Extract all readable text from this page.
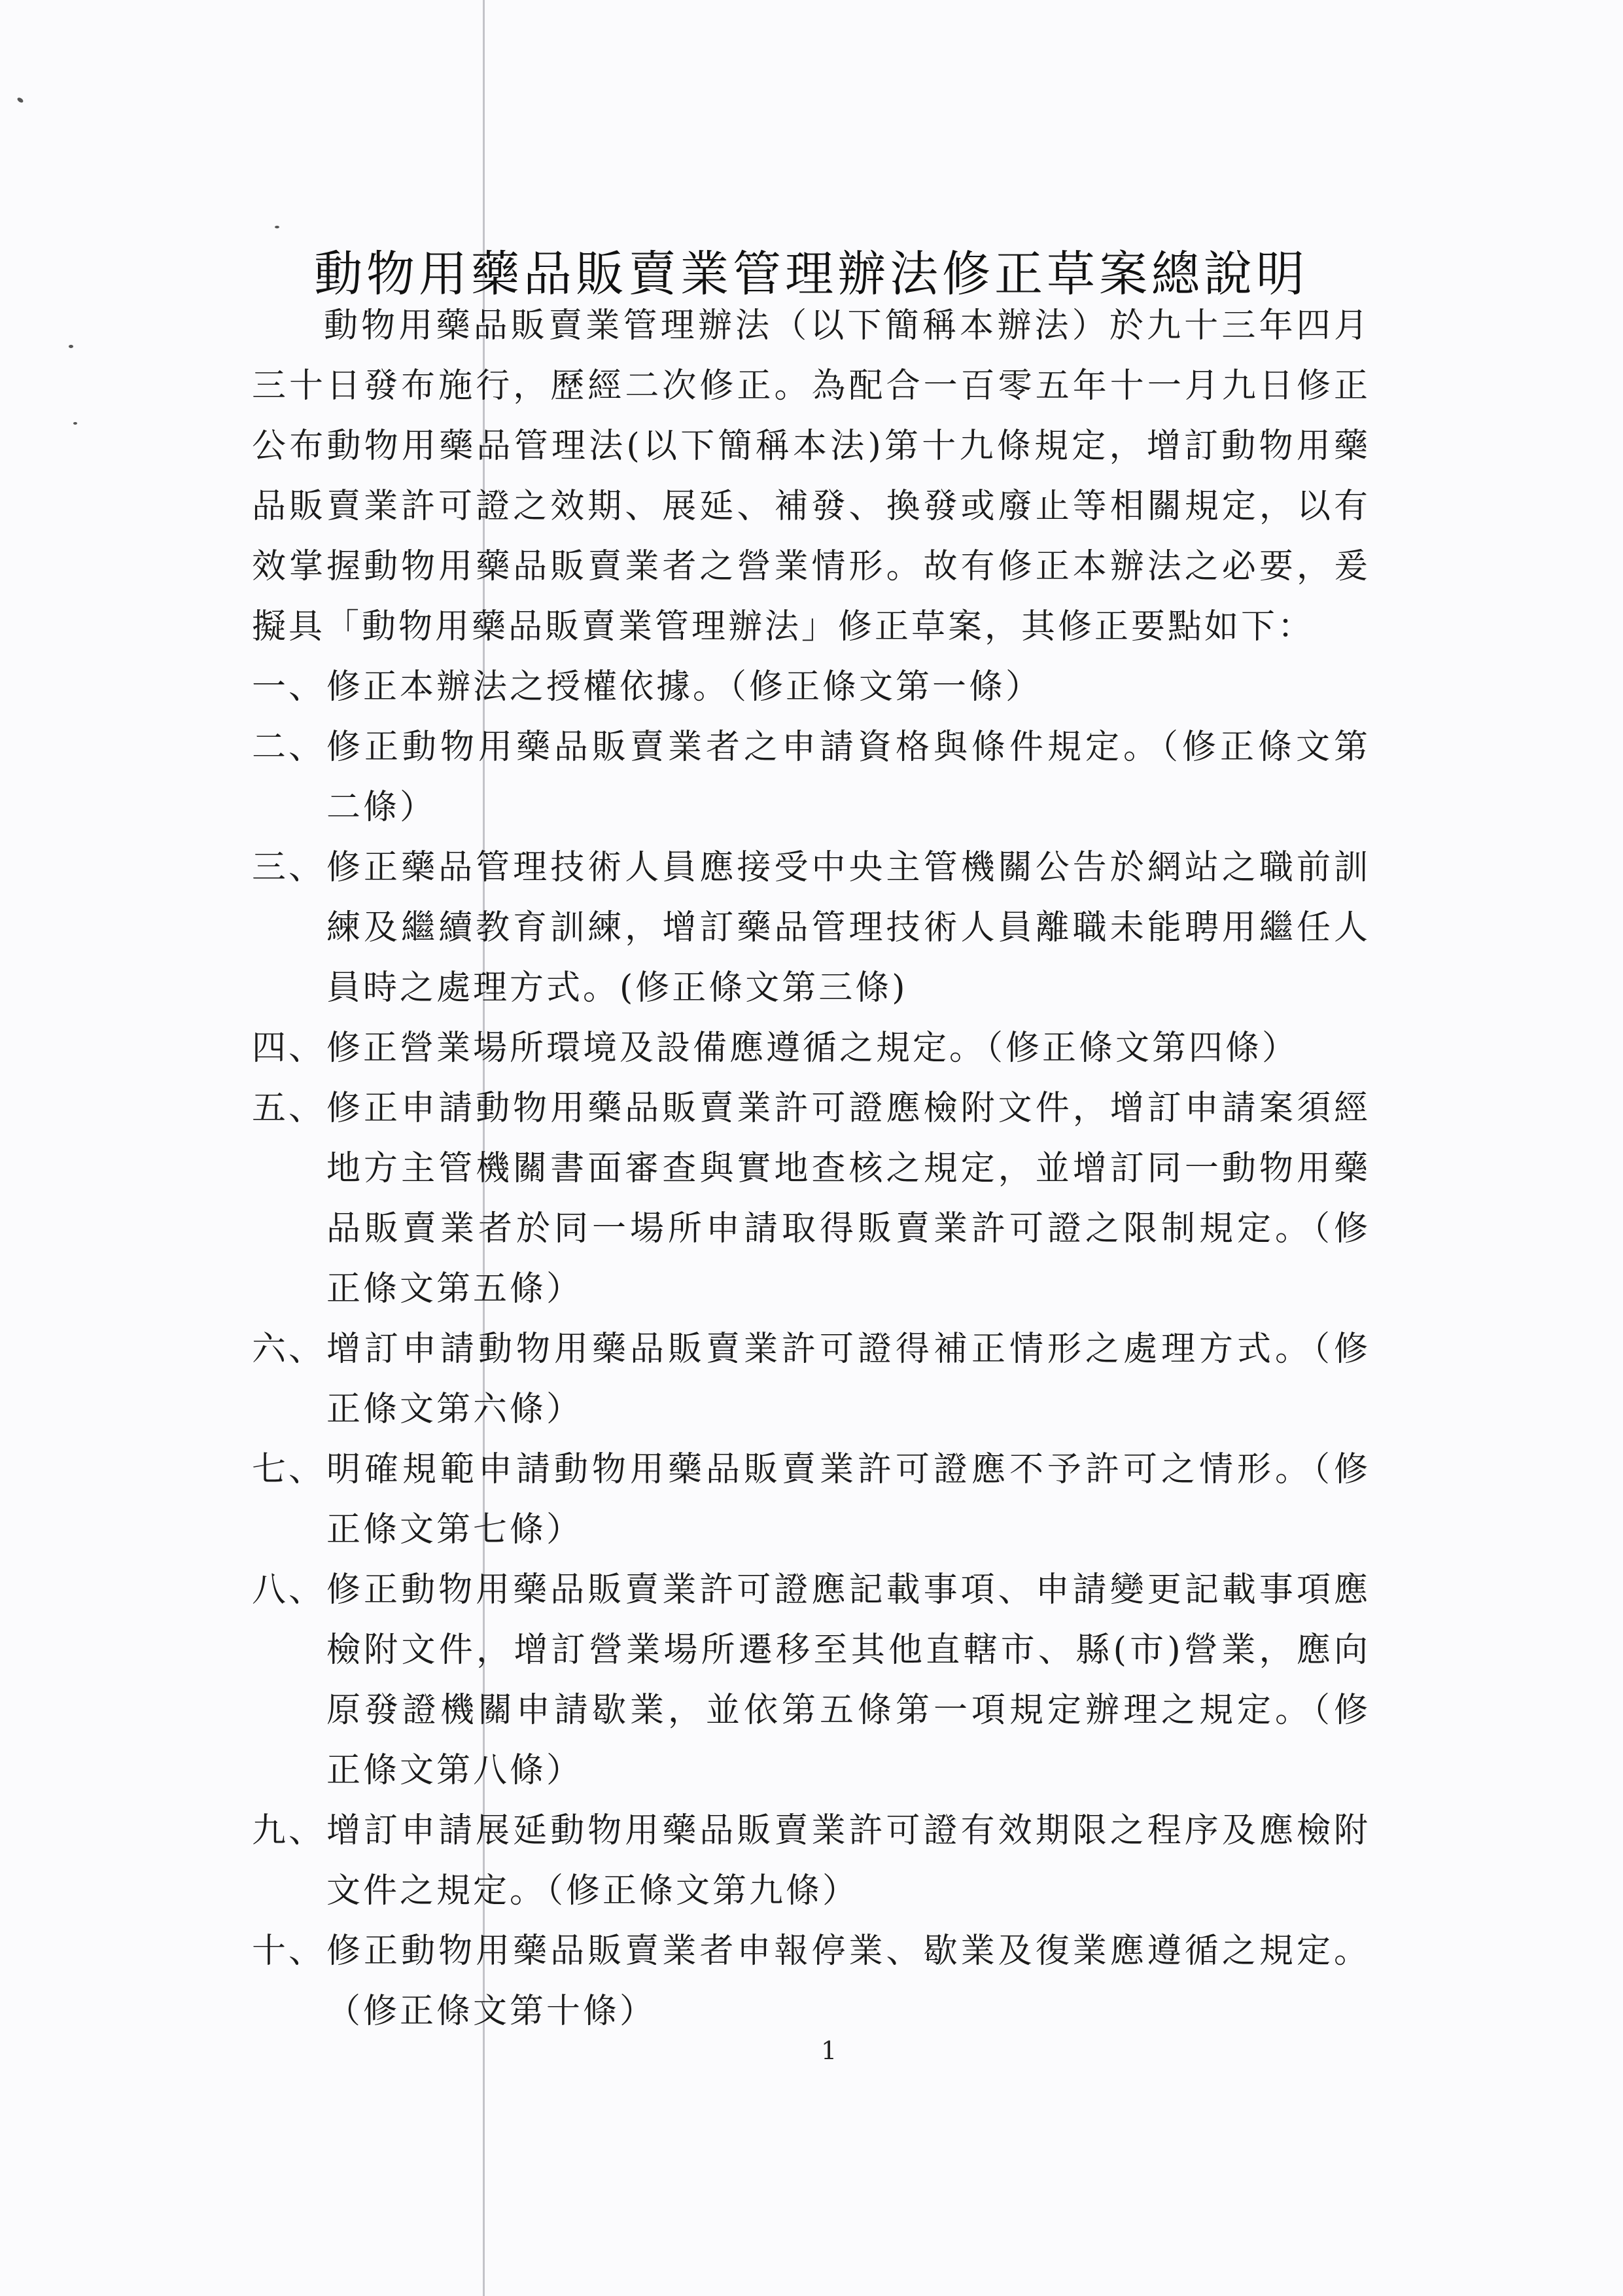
動物用藥品販賣業管理辦法修正草案總說明

動物用藥品販賣業管理辦法（以下簡稱本辦法）於九十三年四月三十日發布施行，歷經二次修正。為配合一百零五年十一月九日修正公布動物用藥品管理法(以下簡稱本法)第十九條規定，增訂動物用藥品販賣業許可證之效期、展延、補發、換發或廢止等相關規定，以有效掌握動物用藥品販賣業者之營業情形。故有修正本辦法之必要，爰擬具「動物用藥品販賣業管理辦法」修正草案，其修正要點如下：

一、 修正本辦法之授權依據。（修正條文第一條）
二、 修正動物用藥品販賣業者之申請資格與條件規定。（修正條文第二條）
三、 修正藥品管理技術人員應接受中央主管機關公告於網站之職前訓練及繼續教育訓練，增訂藥品管理技術人員離職未能聘用繼任人員時之處理方式。(修正條文第三條)
四、 修正營業場所環境及設備應遵循之規定。（修正條文第四條）
五、 修正申請動物用藥品販賣業許可證應檢附文件，增訂申請案須經地方主管機關書面審查與實地查核之規定，並增訂同一動物用藥品販賣業者於同一場所申請取得販賣業許可證之限制規定。（修正條文第五條）
六、 增訂申請動物用藥品販賣業許可證得補正情形之處理方式。（修正條文第六條）
七、 明確規範申請動物用藥品販賣業許可證應不予許可之情形。（修正條文第七條）
八、 修正動物用藥品販賣業許可證應記載事項、申請變更記載事項應檢附文件，增訂營業場所遷移至其他直轄市、縣(市)營業，應向原發證機關申請歇業，並依第五條第一項規定辦理之規定。（修正條文第八條）
九、 增訂申請展延動物用藥品販賣業許可證有效期限之程序及應檢附文件之規定。（修正條文第九條）
十、 修正動物用藥品販賣業者申報停業、歇業及復業應遵循之規定。（修正條文第十條）
1
